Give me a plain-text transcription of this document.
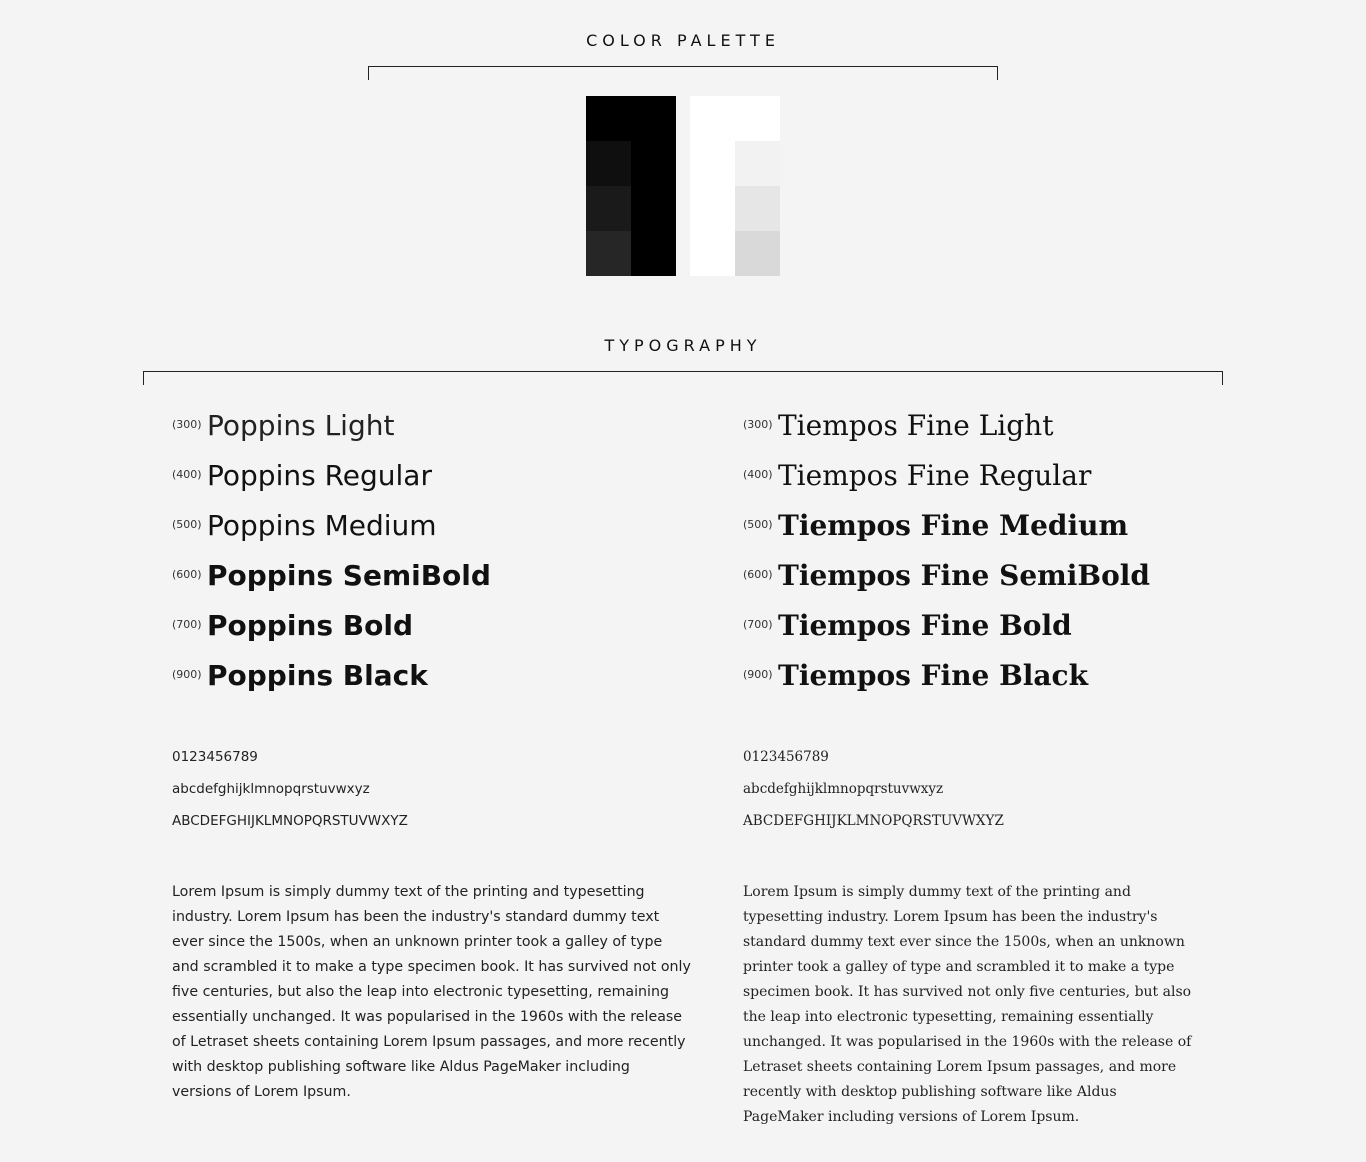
COLOR PALETTE
TYPOGRAPHY
(300) Poppins Light
(400) Poppins Regular
(500) Poppins Medium
(600) Poppins SemiBold
(700) Poppins Bold
(900) Poppins Black
(300) Tiempos Fine Light
(400) Tiempos Fine Regular
(500) Tiempos Fine Medium
(600) Tiempos Fine SemiBold
(700) Tiempos Fine Bold
(900) Tiempos Fine Black
0123456789
abcdefghijklmnopqrstuvwxyz
ABCDEFGHIJKLMNOPQRSTUVWXYZ
0123456789
abcdefghijklmnopqrstuvwxyz
ABCDEFGHIJKLMNOPQRSTUVWXYZ

Lorem Ipsum is simply dummy text of the printing and typesetting industry. Lorem Ipsum has been the industry's standard dummy text ever since the 1500s, when an unknown printer took a galley of type and scrambled it to make a type specimen book. It has survived not only five centuries, but also the leap into electronic typesetting, remaining essentially unchanged. It was popularised in the 1960s with the release of Letraset sheets containing Lorem Ipsum passages, and more recently with desktop publishing software like Aldus PageMaker including versions of Lorem Ipsum.

Lorem Ipsum is simply dummy text of the printing and typesetting industry. Lorem Ipsum has been the industry's standard dummy text ever since the 1500s, when an unknown printer took a galley of type and scrambled it to make a type specimen book. It has survived not only five centuries, but also the leap into electronic typesetting, remaining essentially unchanged. It was popularised in the 1960s with the release of Letraset sheets containing Lorem Ipsum passages, and more recently with desktop publishing software like Aldus PageMaker including versions of Lorem Ipsum.
